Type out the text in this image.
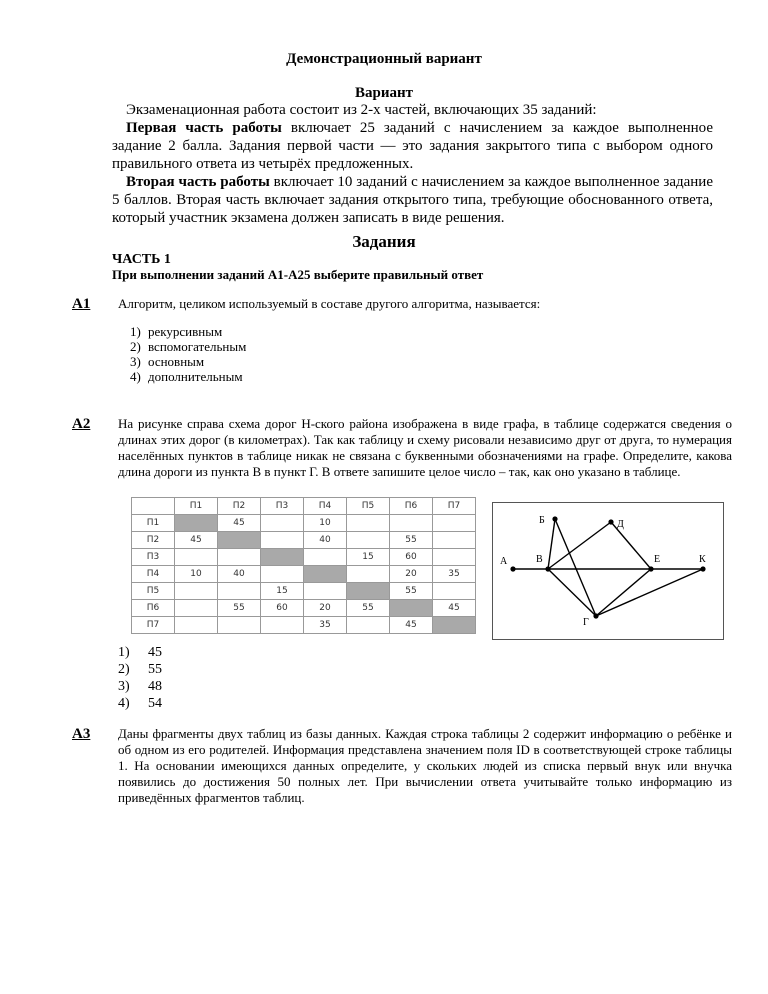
Демонстрационный вариант
Вариант
Экзаменационная работа состоит из 2-х частей, включающих 35 заданий:
Первая часть работы включает 25 заданий с начислением за каждое выполненное задание 2 балла. Задания первой части — это задания закрытого типа с выбором одного правильного ответа из четырёх предложенных.
Вторая часть работы включает 10 заданий с начислением за каждое выполненное задание 5 баллов. Вторая часть включает задания открытого типа, требующие обоснованного ответа, который участник экзамена должен записать в виде решения.
Задания
ЧАСТЬ 1
При выполнении заданий А1-А25 выберите правильный ответ
А1 Алгоритм, целиком используемый в составе другого алгоритма, называется:
1) рекурсивным
2) вспомогательным
3) основным
4) дополнительным
А2 На рисунке справа схема дорог Н-ского района изображена в виде графа, в таблице содержатся сведения о длинах этих дорог (в километрах). Так как таблицу и схему рисовали независимо друг от друга, то нумерация населённых пунктов в таблице никак не связана с буквенными обозначениями на графе. Определите, какова длина дороги из пункта В в пункт Г. В ответе запишите целое число – так, как оно указано в таблице.
	П1	П2	П3	П4	П5	П6	П7
П1		45		10			
П2	45			40		55	
П3					15	60	
П4	10	40				20	35
П5			15			55	
П6		55	60	20	55		45
П7				35		45	
А
Б
В
Д
Е	К
Г
1) 45
2) 55
3) 48
4) 54
А3 Даны фрагменты двух таблиц из базы данных. Каждая строка таблицы 2 содержит информацию о ребёнке и об одном из его родителей. Информация представлена значением поля ID в соответствующей строке таблицы 1. На основании имеющихся данных определите, у скольких людей из списка первый внук или внучка появились до достижения 50 полных лет. При вычислении ответа учитывайте только информацию из приведённых фрагментов таблиц.
